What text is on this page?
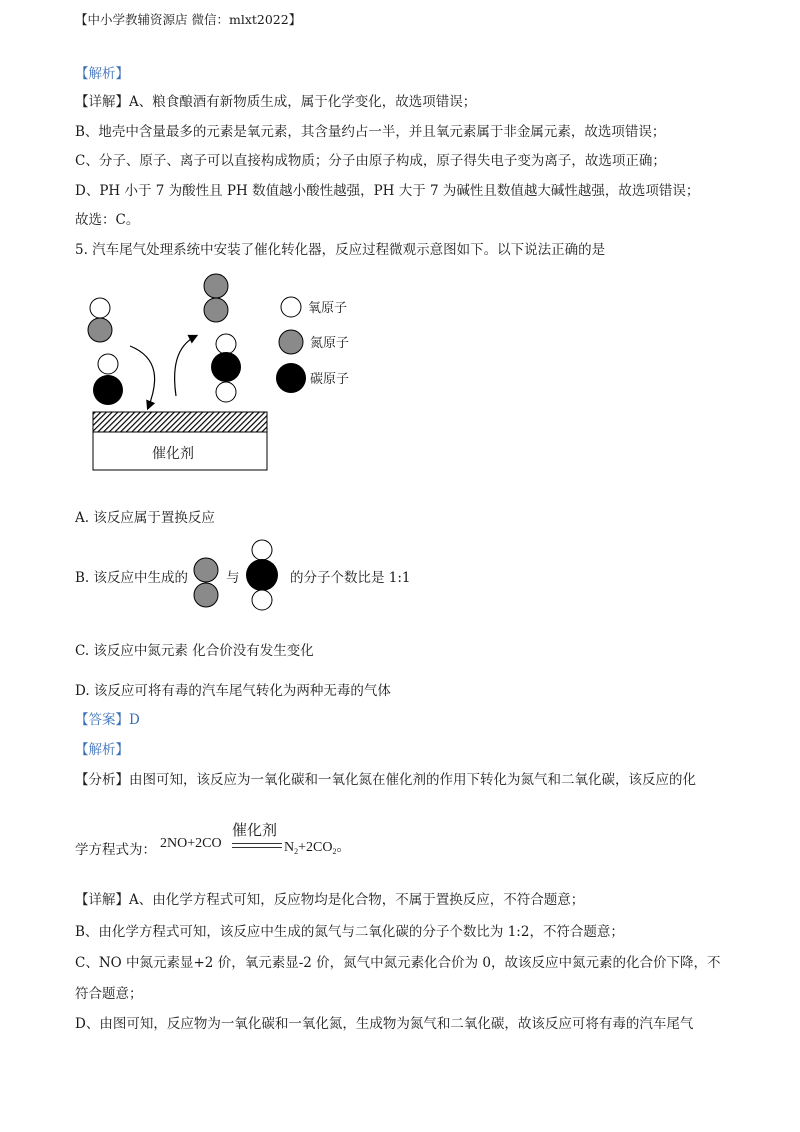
【中小学教辅资源店 微信：mlxt2022】
【解析】
【详解】A、粮食酿酒有新物质生成，属于化学变化，故选项错误；
B、地壳中含量最多的元素是氧元素，其含量约占一半，并且氧元素属于非金属元素，故选项错误；
C、分子、原子、离子可以直接构成物质；分子由原子构成，原子得失电子变为离子，故选项正确；
D、PH 小于 7 为酸性且 PH 数值越小酸性越强，PH 大于 7 为碱性且数值越大碱性越强，故选项错误；
故选：C。
5. 汽车尾气处理系统中安装了催化转化器，反应过程微观示意图如下。以下说法正确的是
氧原子
氮原子
碳原子
催化剂
A. 该反应属于置换反应
B. 该反应中生成的	与	的分子个数比是 1:1
C. 该反应中氮元素 化合价没有发生变化
D. 该反应可将有毒的汽车尾气转化为两种无毒的气体
【答案】D
【解析】
【分析】由图可知，该反应为一氧化碳和一氧化氮在催化剂的作用下转化为氮气和二氧化碳，该反应的化
学方程式为： 2NO+2CO
催化剂
$N_2+2CO_2$。
【详解】A、由化学方程式可知，反应物均是化合物，不属于置换反应，不符合题意；
B、由化学方程式可知，该反应中生成的氮气与二氧化碳的分子个数比为 1:2，不符合题意；
C、NO 中氮元素显+2 价，氧元素显-2 价，氮气中氮元素化合价为 0，故该反应中氮元素的化合价下降，不
符合题意；
D、由图可知，反应物为一氧化碳和一氧化氮，生成物为氮气和二氧化碳，故该反应可将有毒的汽车尾气
